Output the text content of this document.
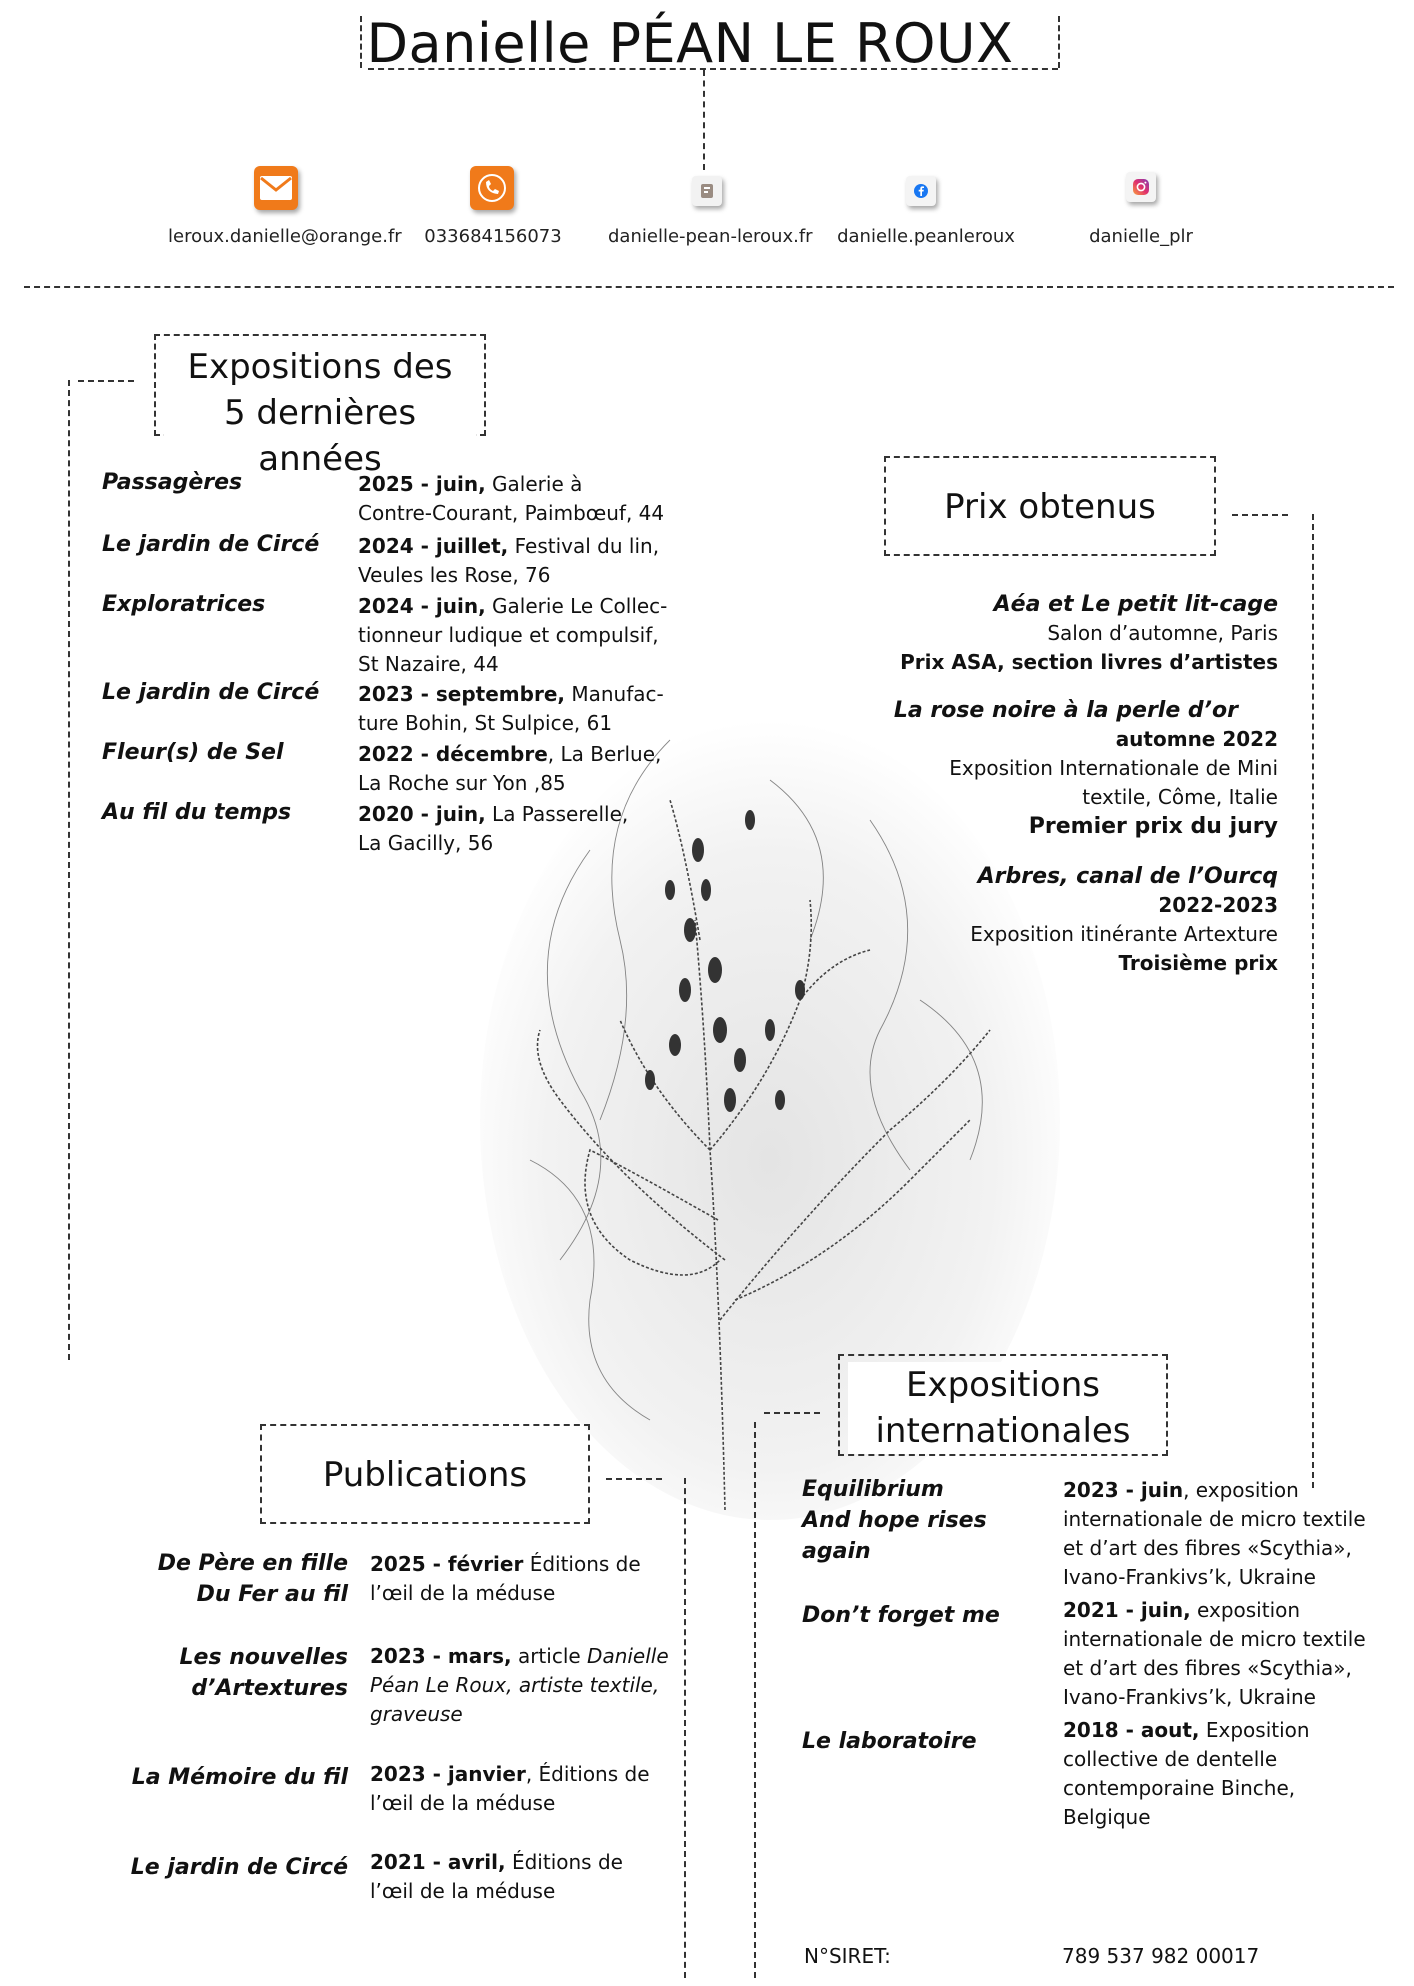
Danielle PÉAN LE ROUX
leroux.danielle@orange.fr	033684156073	danielle-pean-leroux.fr danielle.peanleroux	danielle_plr
Expositions des
5 dernières années
Passagères	2025 - juin, Galerie à
Contre-Courant, Paimbœuf, 44
Le jardin de Circé 2024 - juillet, Festival du lin,
Veules les Rose, 76
Exploratrices	2024 - juin, Galerie Le Collec-
tionneur ludique et compulsif,
St Nazaire, 44
Le jardin de Circé 2023 - septembre, Manufac-
ture Bohin, St Sulpice, 61
Fleur(s) de Sel	2022 - décembre, La Berlue,
La Roche sur Yon ,85
Au fil du temps	2020 - juin, La Passerelle,
La Gacilly, 56
Prix obtenus
Aéa et Le petit lit-cage
Salon d’automne, Paris
Prix ASA, section livres d’artistes
La rose noire à la perle d’or
automne 2022
Exposition Internationale de Mini
textile, Côme, Italie
Premier prix du jury
Arbres, canal de l’Ourcq
2022-2023
Exposition itinérante Artexture
Troisième prix
Publications
De Père en fille
Du Fer au fil
2025 - février Éditions de
l’œil de la méduse
Les nouvelles
d’Artextures
2023 - mars, article Danielle
Péan Le Roux, artiste textile,
graveuse
La Mémoire du fil 2023 - janvier, Éditions de
l’œil de la méduse
Le jardin de Circé 2021 - avril, Éditions de
l’œil de la méduse
Expositions
internationales
Equilibrium
And hope rises again
2023 - juin, exposition
internationale de micro textile
et d’art des fibres «Scythia»,
Ivano-Frankivs’k, Ukraine
Don’t forget me	2021 - juin, exposition
internationale de micro textile
et d’art des fibres «Scythia»,
Ivano-Frankivs’k, Ukraine
Le laboratoire	2018 - aout, Exposition
collective de dentelle
contemporaine Binche,
Belgique
N°SIRET:	789 537 982 00017
